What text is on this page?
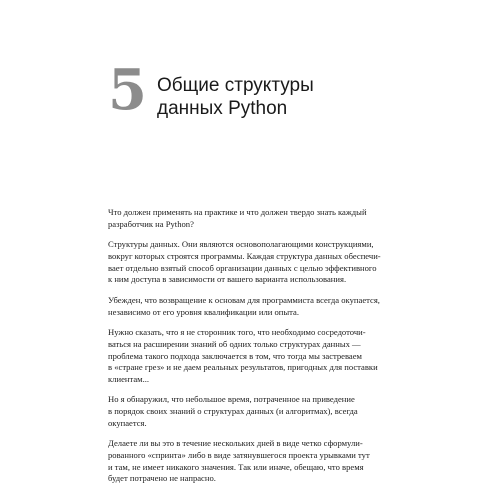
5 Общие структуры
данных Python

Что должен применять на практике и что должен твердо знать каждый
разработчик на Python?

Структуры данных. Они являются основополагающими конструкциями,
вокруг которых строятся программы. Каждая структура данных обеспечи-
вает отдельно взятый способ организации данных с целью эффективного
к ним доступа в зависимости от вашего варианта использования.

Убежден, что возвращение к основам для программиста всегда окупается,
независимо от его уровня квалификации или опыта.

Нужно сказать, что я не сторонник того, что необходимо сосредоточи-
ваться на расширении знаний об одних только структурах данных —
проблема такого подхода заключается в том, что тогда мы застреваем
в «стране грез» и не даем реальных результатов, пригодных для поставки
клиентам...

Но я обнаружил, что небольшое время, потраченное на приведение
в порядок своих знаний о структурах данных (и алгоритмах), всегда
окупается.

Делаете ли вы это в течение нескольких дней в виде четко сформули-
рованного «спринта» либо в виде затянувшегося проекта урывками тут
и там, не имеет никакого значения. Так или иначе, обещаю, что время
будет потрачено не напрасно.
